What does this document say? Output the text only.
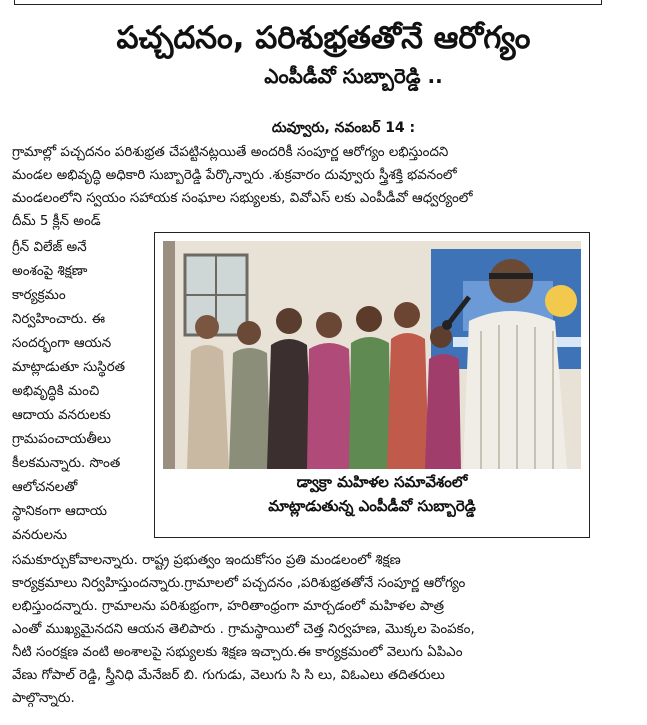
పచ్చదనం, పరిశుభ్రతతోనే ఆరోగ్యం
ఎంపీడీవో సుబ్బారెడ్డి ..
దువ్వూరు, నవంబర్ 14 :
గ్రామాల్లో పచ్చదనం పరిశుభ్రత చేపట్టినట్లయితే అందరికీ సంపూర్ణ ఆరోగ్యం లభిస్తుందని
మండల అభివృద్ధి అధికారి సుబ్బారెడ్డి పేర్కొన్నారు .శుక్రవారం దువ్వూరు స్త్రీశక్తి భవనంలో
మండలంలోని స్వయం సహాయక సంఘాల సభ్యులకు, వివోఎస్ లకు ఎంపీడీవో ఆధ్వర్యంలో
దీమ్ 5 క్లీన్ అండ్
గ్రీన్ విలేజ్ అనే
అంశంపై శిక్షణా
కార్యక్రమం
నిర్వహించారు. ఈ
సందర్భంగా ఆయన
మాట్లాడుతూ సుస్థిరత
అభివృద్ధికి మంచి
ఆదాయ వనరులకు
గ్రామపంచాయతీలు
కీలకమన్నారు. సొంత
ఆలోచనలతో
స్థానికంగా ఆదాయ
వనరులను
డ్వాక్రా మహిళల సమావేశంలో
మాట్లాడుతున్న ఎంపీడీవో సుబ్బారెడ్డి
సమకూర్చుకోవాలన్నారు. రాష్ట్ర ప్రభుత్వం ఇందుకోసం ప్రతి మండలంలో శిక్షణ
కార్యక్రమాలు నిర్వహిస్తుందన్నారు.గ్రామాలలో పచ్చదనం ,పరిశుభ్రతతోనే సంపూర్ణ ఆరోగ్యం
లభిస్తుందన్నారు. గ్రామాలను పరిశుభ్రంగా, హరితాంధ్రంగా మార్చడంలో మహిళల పాత్ర
ఎంతో ముఖ్యమైనదని ఆయన తెలిపారు . గ్రామస్థాయిలో చెత్త నిర్వహణ, మొక్కల పెంపకం,
నీటి సంరక్షణ వంటి అంశాలపై సభ్యులకు శిక్షణ ఇచ్చారు.ఈ కార్యక్రమంలో వెలుగు ఏపిఎం
వేణు గోపాల్ రెడ్డి, స్త్రీనిధి మేనేజర్ బి. గుగుడు, వెలుగు సి సి లు, విఓఎలు తదితరులు
పాల్గొన్నారు.
